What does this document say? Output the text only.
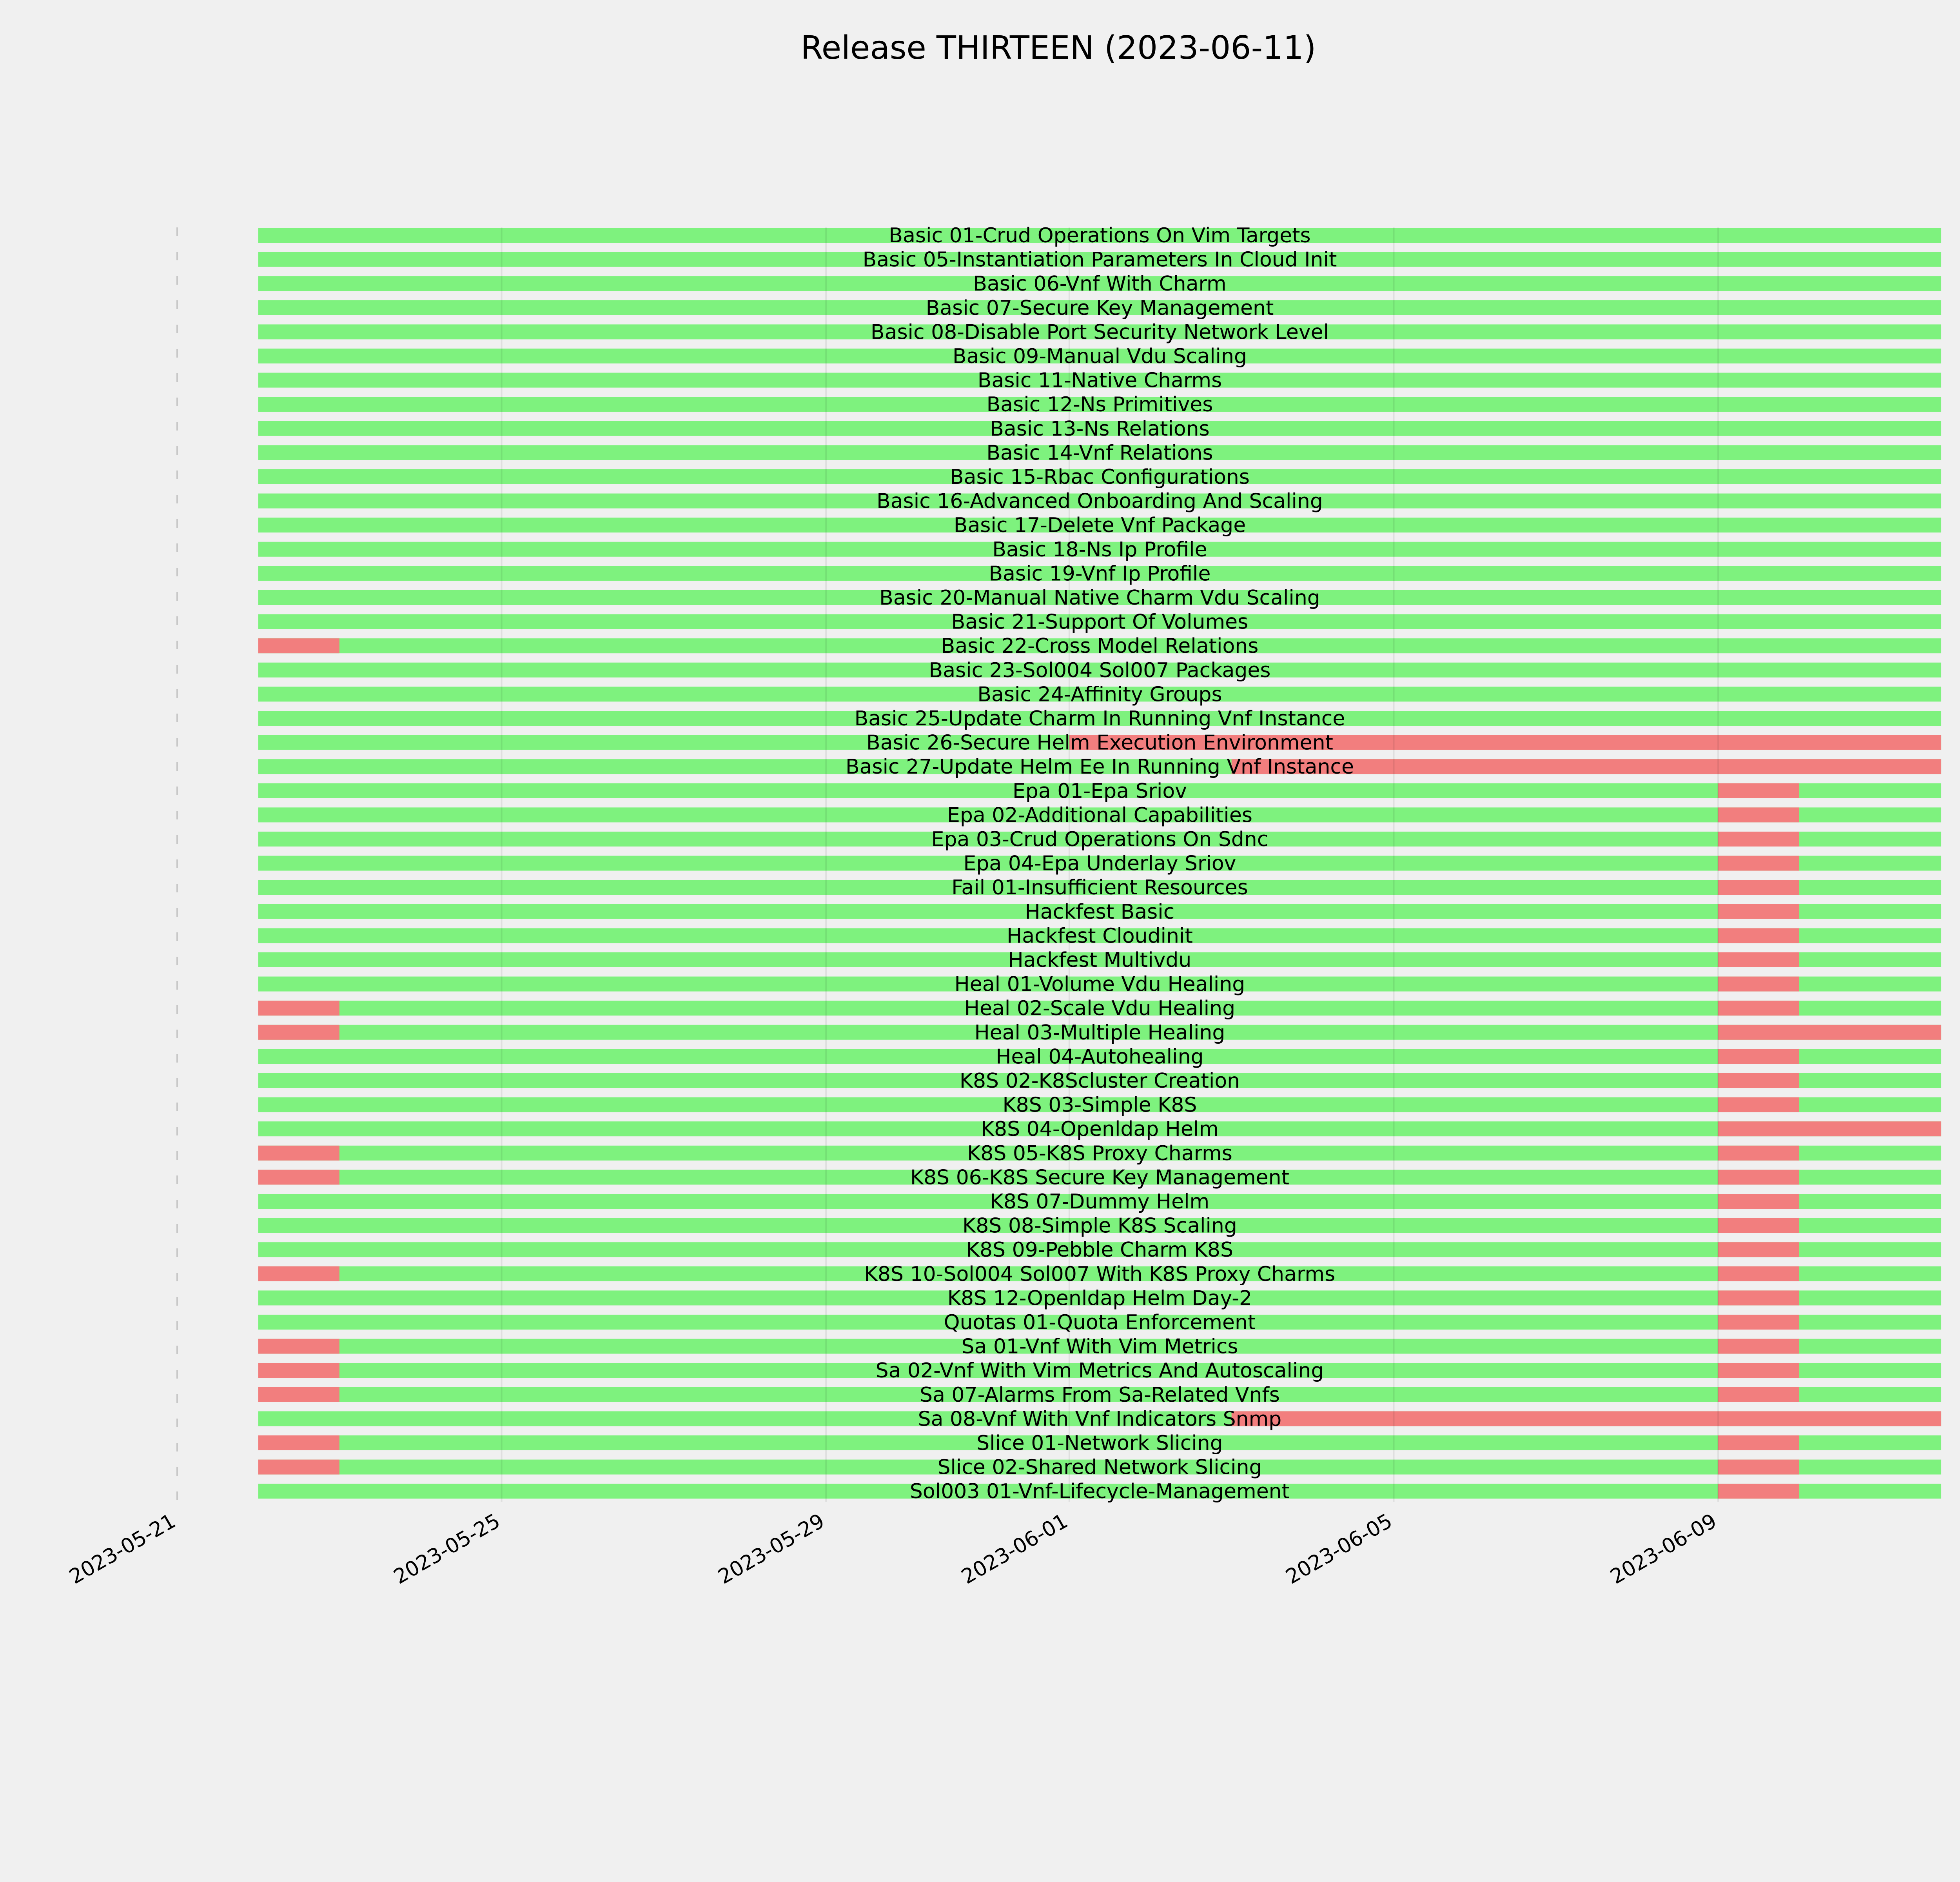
Release THIRTEEN (2023-06-11)
Basic 01-Crud Operations On Vim Targets
Basic 05-Instantiation Parameters In Cloud Init
Basic 06-Vnf With Charm
Basic 07-Secure Key Management
Basic 08-Disable Port Security Network Level
Basic 09-Manual Vdu Scaling
Basic 11-Native Charms
Basic 12-Ns Primitives
Basic 13-Ns Relations
Basic 14-Vnf Relations
Basic 15-Rbac Configurations
Basic 16-Advanced Onboarding And Scaling
Basic 17-Delete Vnf Package
Basic 18-Ns Ip Profile
Basic 19-Vnf Ip Profile
Basic 20-Manual Native Charm Vdu Scaling
Basic 21-Support Of Volumes
Basic 22-Cross Model Relations
Basic 23-Sol004 Sol007 Packages
Basic 24-Affinity Groups
Basic 25-Update Charm In Running Vnf Instance
Basic 26-Secure Helm Execution Environment
Basic 27-Update Helm Ee In Running Vnf Instance
Epa 01-Epa Sriov
Epa 02-Additional Capabilities
Epa 03-Crud Operations On Sdnc
Epa 04-Epa Underlay Sriov
Fail 01-Insufficient Resources
Hackfest Basic
Hackfest Cloudinit
Hackfest Multivdu
Heal 01-Volume Vdu Healing
Heal 02-Scale Vdu Healing
Heal 03-Multiple Healing
Heal 04-Autohealing
K8S 02-K8Scluster Creation
K8S 03-Simple K8S
K8S 04-Openldap Helm
K8S 05-K8S Proxy Charms
K8S 06-K8S Secure Key Management
K8S 07-Dummy Helm
K8S 08-Simple K8S Scaling
K8S 09-Pebble Charm K8S
K8S 10-Sol004 Sol007 With K8S Proxy Charms
K8S 12-Openldap Helm Day-2
Quotas 01-Quota Enforcement
Sa 01-Vnf With Vim Metrics
Sa 02-Vnf With Vim Metrics And Autoscaling
Sa 07-Alarms From Sa-Related Vnfs
Sa 08-Vnf With Vnf Indicators Snmp
Slice 01-Network Slicing
Slice 02-Shared Network Slicing
Sol003 01-Vnf-Lifecycle-Management
2023-05-21	2023-05-25	2023-05-29	2023-06-01	2023-06-05	2023-06-09
